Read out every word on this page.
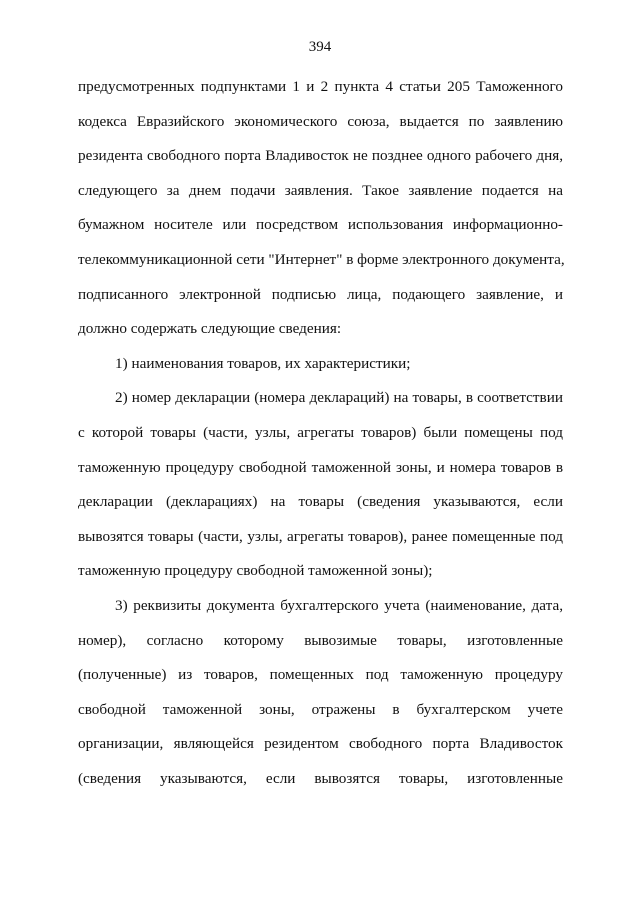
394
предусмотренных подпунктами 1 и 2 пункта 4 статьи 205 Таможенного
кодекса Евразийского экономического союза, выдается по заявлению
резидента свободного порта Владивосток не позднее одного рабочего дня,
следующего за днем подачи заявления. Такое заявление подается на
бумажном носителе или посредством использования информационно-
телекоммуникационной сети "Интернет" в форме электронного документа,
подписанного электронной подписью лица, подающего заявление, и
должно содержать следующие сведения:
1) наименования товаров, их характеристики;
2) номер декларации (номера деклараций) на товары, в соответствии
с которой товары (части, узлы, агрегаты товаров) были помещены под
таможенную процедуру свободной таможенной зоны, и номера товаров в
декларации (декларациях) на товары (сведения указываются, если
вывозятся товары (части, узлы, агрегаты товаров), ранее помещенные под
таможенную процедуру свободной таможенной зоны);
3) реквизиты документа бухгалтерского учета (наименование, дата,
номер), согласно которому вывозимые товары, изготовленные
(полученные) из товаров, помещенных под таможенную процедуру
свободной таможенной зоны, отражены в бухгалтерском учете
организации, являющейся резидентом свободного порта Владивосток
(сведения указываются, если вывозятся товары, изготовленные
